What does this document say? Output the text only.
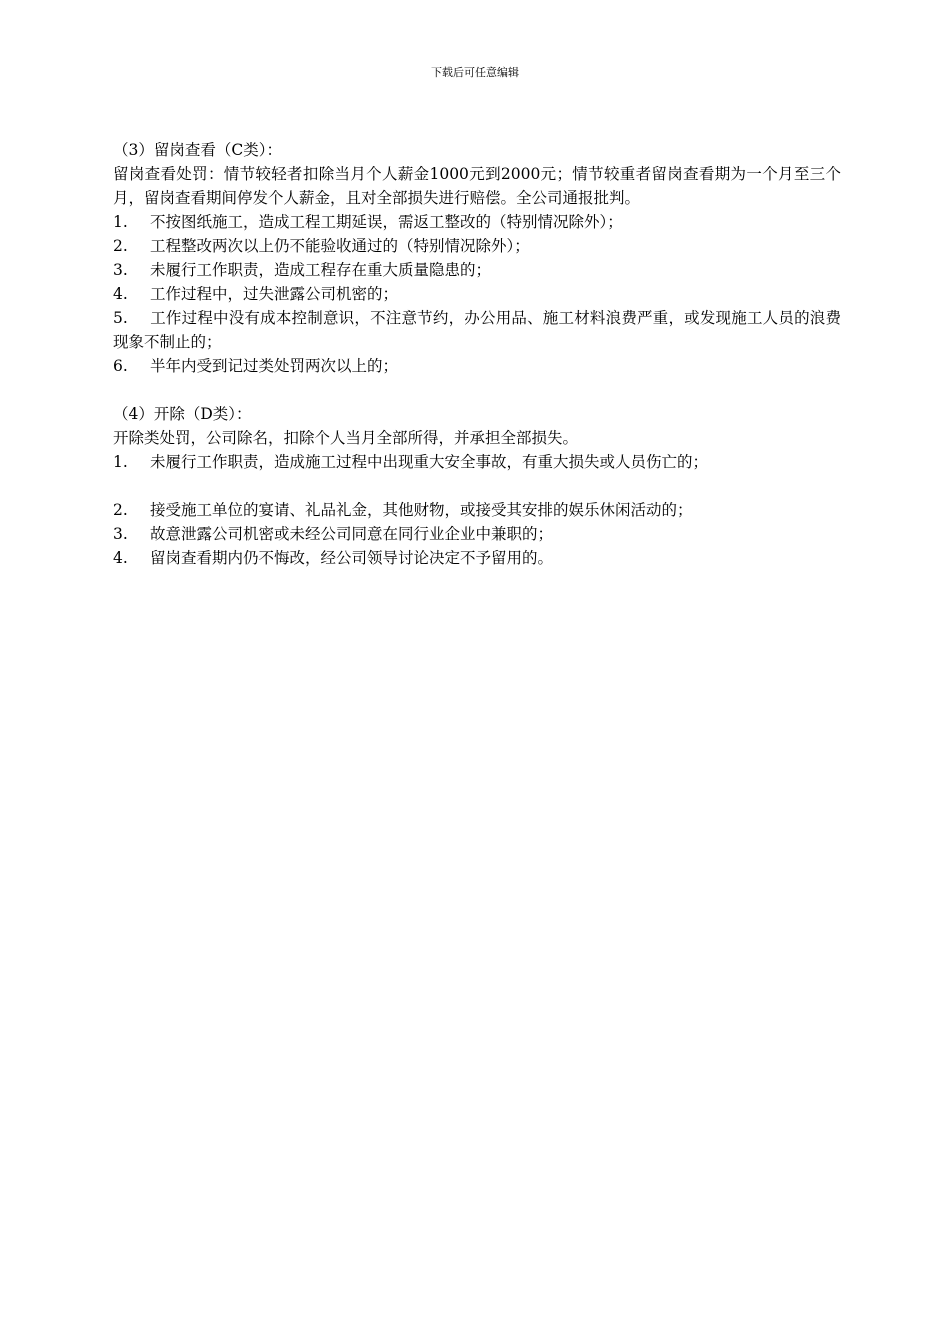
下载后可任意编辑

（3）留岗查看（C类）：

留岗查看处罚：情节较轻者扣除当月个人薪金1000元到2000元；情节较重者留岗查看期为一个月至三个月，留岗查看期间停发个人薪金，且对全部损失进行赔偿。全公司通报批判。

1. 不按图纸施工，造成工程工期延误，需返工整改的（特别情况除外）；

2. 工程整改两次以上仍不能验收通过的（特别情况除外）；

3. 未履行工作职责，造成工程存在重大质量隐患的；

4. 工作过程中，过失泄露公司机密的；

5. 工作过程中没有成本控制意识，不注意节约，办公用品、施工材料浪费严重，或发现施工人员的浪费现象不制止的；

6. 半年内受到记过类处罚两次以上的；

（4）开除（D类）：

开除类处罚，公司除名，扣除个人当月全部所得，并承担全部损失。

1. 未履行工作职责，造成施工过程中出现重大安全事故，有重大损失或人员伤亡的；

2. 接受施工单位的宴请、礼品礼金，其他财物，或接受其安排的娱乐休闲活动的；

3. 故意泄露公司机密或未经公司同意在同行业企业中兼职的；

4. 留岗查看期内仍不悔改，经公司领导讨论决定不予留用的。
